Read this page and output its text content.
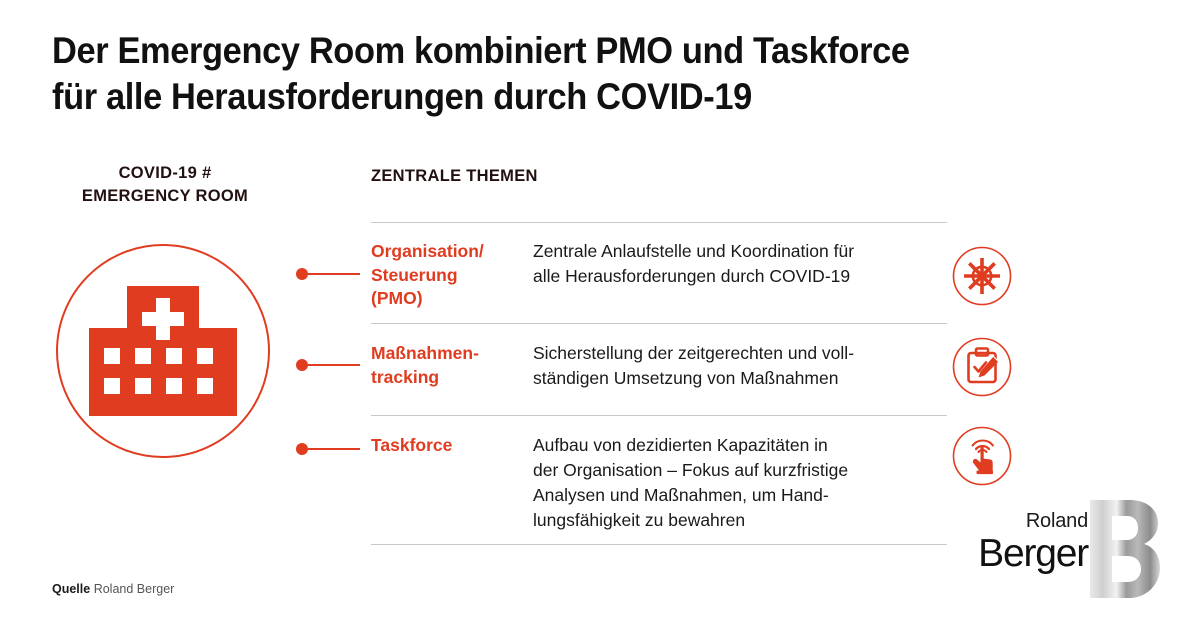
Der Emergency Room kombiniert PMO und Taskforce
für alle Herausforderungen durch COVID-19
COVID-19 #
EMERGENCY ROOM
ZENTRALE THEMEN
Organisation/
Steuerung
(PMO)
Zentrale Anlaufstelle und Koordination für
alle Herausforderungen durch COVID-19
Maßnahmen-
tracking
Sicherstellung der zeitgerechten und voll-
ständigen Umsetzung von Maßnahmen
Taskforce	Aufbau von dezidierten Kapazitäten in
der Organisation – Fokus auf kurzfristige
Analysen und Maßnahmen, um Hand-
lungsfähigkeit zu bewahren
Quelle Roland Berger
Roland
Berger
